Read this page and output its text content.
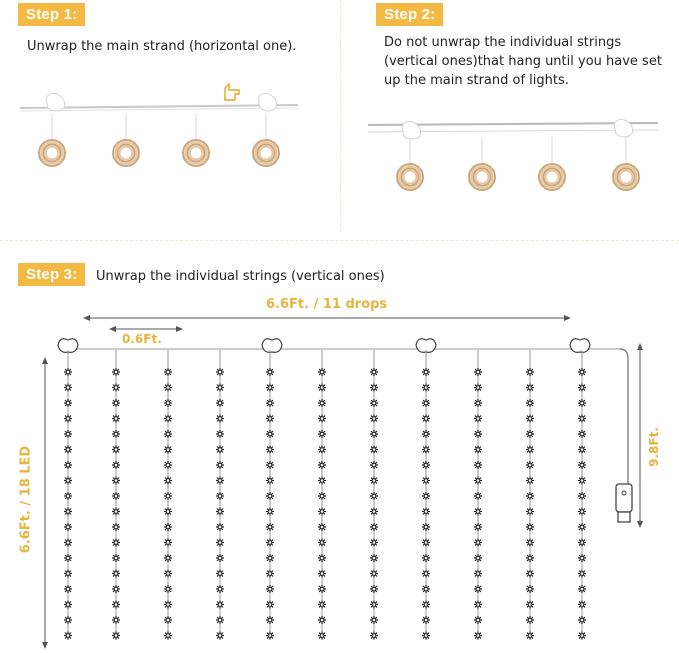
Step 1:
Unwrap the main strand (horizontal one).
Step 2:
Do not unwrap the individual strings (vertical ones)that hang until you have set up the main strand of lights.
Step 3:	Unwrap the individual strings (vertical ones)
6.6Ft. / 11 drops
0.6Ft.
6.6Ft. / 18 LED	9.8Ft.
